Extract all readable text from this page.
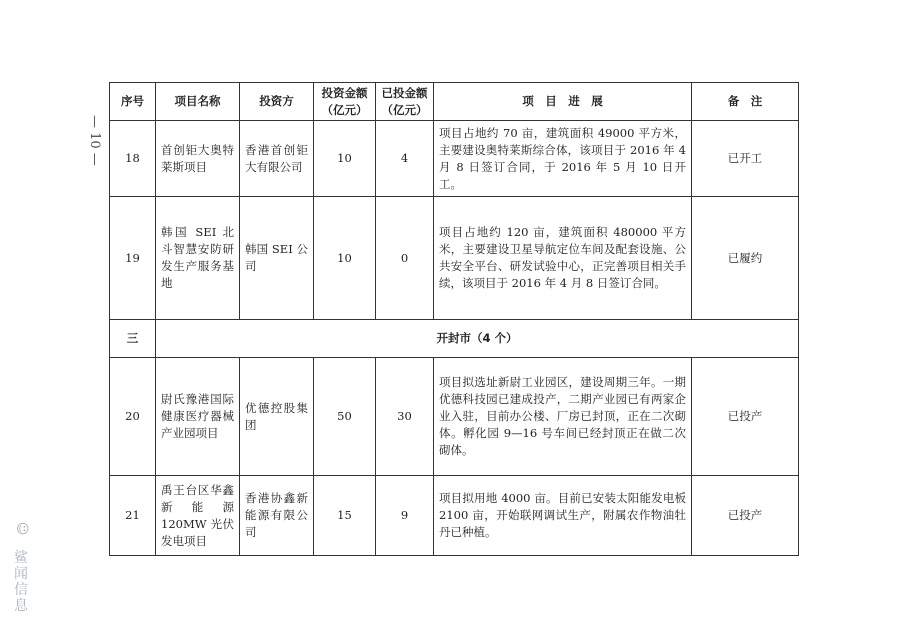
— 10 —
☺ 鲨闻信息
序号	项目名称	投资方	投资金额（亿元）	已投金额（亿元）	项　目　进　展	备　注
18	首创钜大奥特莱斯项目	香港首创钜大有限公司	10	4	项目占地约 70 亩，建筑面积 49000 平方米，主要建设奥特莱斯综合体，该项目于 2016 年 4 月 8 日签订合同，于 2016 年 5 月 10 日开工。	已开工
19	韩国 SEI 北斗智慧安防研发生产服务基地	韩国 SEI 公司	10	0	项目占地约 120 亩，建筑面积 480000 平方米，主要建设卫星导航定位车间及配套设施、公共安全平台、研发试验中心，正完善项目相关手续，该项目于 2016 年 4 月 8 日签订合同。	已履约
三	开封市（4 个）					
20	尉氏豫港国际健康医疗器械产业园项目	优德控股集团	50	30	项目拟选址新尉工业园区，建设周期三年。一期优德科技园已建成投产，二期产业园已有两家企业入驻，目前办公楼、厂房已封顶，正在二次砌体。孵化园 9—16 号车间已经封顶正在做二次砌体。	已投产
21	禹王台区华鑫新能源 120MW 光伏发电项目	香港协鑫新能源有限公司	15	9	项目拟用地 4000 亩。目前已安装太阳能发电板 2100 亩，开始联网调试生产，附属农作物油牡丹已种植。	已投产
